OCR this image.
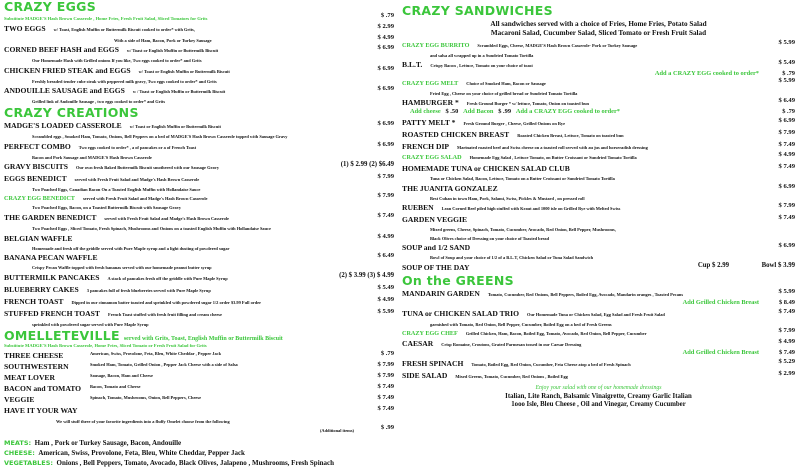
CRAZY EGGS
Substitute MADGE'S Hash Brown Casserole , Home Fries, Fresh Fruit Salad, Sliced Tomatoes for Grits	$ .79
TWO EGGS w/ Toast, English Muffin or Buttermilk Biscuit cooked to order* with Grits,	$ 2.99
With a side of Ham, Bacon, Pork or Turkey Sausage	$ 4.99
CORNED BEEF HASH and EGGS w/ Toast or English Muffin or Buttermilk Biscuit	$ 6.99
Our Homemade Hash with Grilled onions If you like, Two eggs cooked to order* and Grits
CHICKEN FRIED STEAK and EGGS w/ Toast or English Muffin or Buttermilk Biscuit	$ 6.99
Freshly breaded tender cube steak with peppered milk gravy, Two eggs cooked to order* and Grits
ANDOUILLE SAUSAGE and EGGS w / Toast or English Muffin or Buttermilk Biscuit	$ 6.99
Grilled link of Andouille Sausage , two eggs cooked to order* and Grits
CRAZY CREATIONS
MADGE'S LOADED CASSEROLE w/ Toast or English Muffin or Buttermilk Biscuit	$ 6.99
Scrambled eggs , Smoked Ham, Tomato, Onions, Bell Peppers on a bed of MADGE'S Hash Brown Casserole topped with Sausage Gravy
PERFECT COMBO Two eggs cooked to order* , a of pancakes or a of French Toast	$ 6.99
Bacon and Pork Sausage and MADGE'S Hash Brown Casserole
GRAVY BISCUITS Our own fresh Baked Buttermilk Biscuit smothered with our Sausage Gravy	(1) $ 2.99 (2) $6.49
EGGS BENEDICT served with Fresh Fruit Salad and Madge's Hash Brown Casserole	$ 7.99
Two Poached Eggs, Canadian Bacon On a Toasted English Muffin with Hollandaise Sauce
CRAZY EGG BENEDICT served with Fresh Fruit Salad and Madge's Hash Brown Casserole	$ 7.99
Two Poached Eggs, Bacon, on a Toasted Buttermilk Biscuit with Sausage Gravy
THE GARDEN BENEDICT served with Fresh Fruit Salad and Madge's Hash Brown Casserole	$ 7.49
Two Poached Eggs , Sliced Tomato, Fresh Spinach, Mushrooms and Onions on a toasted English Muffin with Hollandaise Sauce
BELGIAN WAFFLE	$ 4.99
Homemade and fresh off the griddle served with Pure Maple syrup and a light dusting of powdered sugar
BANANA PECAN WAFFLE	$ 6.49
Crispy Pecan Waffle topped with fresh bananas served with our homemade peanut butter syrup
BUTTERMILK PANCAKES A stack of pancakes fresh off the griddle with Pure Maple Syrup	(2) $ 3.99 (3) $ 4.99
BLUEBERRY CAKES 3 pancakes full of fresh blueberries served with Pure Maple Syrup	$ 5.49
FRENCH TOAST Dipped in our cinnamon batter toasted and sprinkled with powdered sugar 1/2 order $3.99 Full order	$ 4.99
STUFFED FRENCH TOAST French Toast stuffed with fresh fruit filling and cream cheese	$ 5.99
sprinkled with powdered sugar served with Pure Maple Syrup
OMELLETEVILLE served with Grits, Toast, English Muffin or Buttermilk Biscuit
Substitute MADGE'S Hash Brown Casserole, Home Fries, Sliced Tomato or Fresh Fruit Salad for Grits
THREE CHEESE	American, Swiss, Provolone, Feta, Bleu, White Cheddar , Pepper Jack	$ .79
SOUTHWESTERN	Smoked Ham, Tomato, Grilled Onion , Pepper Jack Cheese with a side of Salsa	$ 7.99
MEAT LOVER	Sausage, Bacon, Ham and Cheese	$ 7.99
BACON and TOMATO Bacon, Tomato and Cheese	$ 7.49
VEGGIE	Spinach, Tomato, Mushrooms, Onion, Bell Peppers, Cheese	$ 7.49
HAVE IT YOUR WAY	$ 7.49
We will stuff three of your favorite ingredients into a fluffy Omelet choose from the following
(Additional items)	$ .99
MEATS: Ham , Pork or Turkey Sausage, Bacon, Andouille
CHEESE: American, Swiss, Provolone, Feta, Bleu, White Cheddar, Pepper Jack
VEGETABLES: Onions , Bell Peppers, Tomato, Avocado, Black Olives, Jalapeno , Mushrooms, Fresh Spinach
CRAZY SANDWICHES
All sandwiches served with a choice of Fries, Home Fries, Potato Salad
Macaroni Salad, Cucumber Salad, Sliced Tomato or Fresh Fruit Salad
CRAZY EGG BURRITO Scrambled Eggs, Cheese, MADGE'S Hash Brown Casserole- Pork or Turkey Sausage	$ 5.99
and salsa all wrapped up in a Sundried Tomato Tortilla
B.L.T. Crispy Bacon , Lettuce, Tomato on your choice of toast	$ 5.49
Add a CRAZY EGG cooked to order*	$ .79
CRAZY EGG MELT Choice of Smoked Ham, Bacon or Sausage	$ 5.99
Fried Egg , Cheese on your choice of grilled bread or Sundried Tomato Tortilla
HAMBURGER * Fresh Ground Burger * w/ lettuce, Tomato, Onion on toasted bun	$ 6.49
Add cheese $ .50 Add Bacon $ .99 Add a CRAZY EGG cooked to order*	$ .79
PATTY MELT * Fresh Ground Burger , Cheese, Grilled Onions on Rye	$ 6.99
ROASTED CHICKEN BREAST Roasted Chicken Breast, Lettuce, Tomato on toasted bun	$ 7.99
FRENCH DIP Marinated roasted beef and Swiss cheese on a toasted roll served with au jus and horseradish dressing	$ 7.49
CRAZY EGG SALAD Homemade Egg Salad , Lettuce Tomato, on Butter Croissant or Sundried Tomato Tortilla	$ 4.99
HOMEMADE TUNA or CHICKEN SALAD CLUB	$ 7.49
Tuna or Chicken Salad, Bacon, Lettuce, Tomato on a Butter Croissant or Sundried Tomato Tortilla
THE JUANITA GONZALEZ	$ 6.99
Best Cuban in town Ham, Pork, Salami, Swiss, Pickles & Mustard , on pressed roll
RUEBEN Lean Corned Beef piled high stuffed with Kraut and 1000 isle on Grilled Rye with Melted Swiss	$ 7.99
GARDEN VEGGIE	$ 7.49
Mixed greens, Cheese, Spinach, Tomato, Cucumber, Avocado, Red Onion, Bell Pepper, Mushrooms,
Black Olives choice of Dressing on your choice of Toasted bread
SOUP and 1/2 SAND	$ 6.99
Bowl of Soup and your choice of 1/2 of a B.L.T, Chicken Salad or Tuna Salad Sandwich
SOUP OF THE DAY	Cup $ 2.99	Bowl $ 3.99
On the GREENS
MANDARIN GARDEN Tomato, Cucumber, Red Onions, Bell Peppers, Boiled Egg, Avocado, Mandarin oranges , Toasted Pecans	$ 5.99
Add Grilled Chicken Breast	$ 8.49
TUNA or CHICKEN SALAD TRIO Our Homemade Tuna or Chicken Salad, Egg Salad and Fresh Fruit Salad	$ 7.49
garnished with Tomato, Red Onion, Bell Pepper, Cucumber, Boiled Egg on a bed of Fresh Greens
CRAZY EGG CHEF Grilled Chicken, Ham, Bacon, Boiled Egg, Tomato, Avocado, Red Onion, Bell Pepper, Cucumber	$ 7.99
CAESAR Crisp Romaine, Croutons, Grated Parmesan tossed in our Caesar Dressing	$ 4.99
Add Grilled Chicken Breast	$ 7.49
FRESH SPINACH Tomato, Boiled Egg, Red Onion, Cucumber, Feta Cheese atop a bed of Fresh Spinach	$ 5.29
SIDE SALAD Mixed Greens, Tomato, Cucumber, Red Onions , Boiled Egg	$ 2.99
Enjoy your salad with one of our homemade dressings
Italian, Lite Ranch, Balsamic Vinaigrette, Creamy Garlic Italian
1ooo Isle, Bleu Cheese , Oil and Vinegar, Creamy Cucumber
